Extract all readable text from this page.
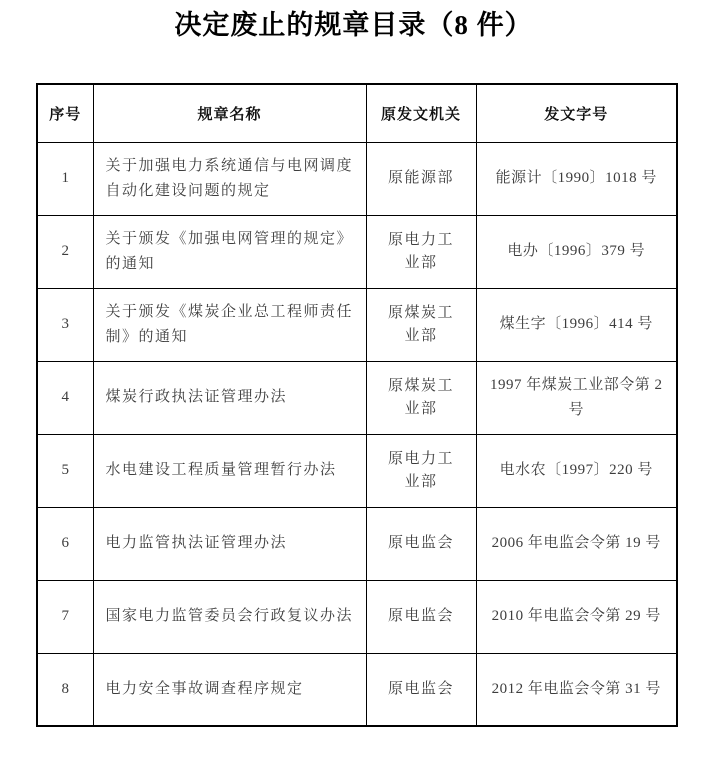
决定废止的规章目录（8 件）
序号	规章名称	原发文机关	发文字号
1	关于加强电力系统通信与电网调度自动化建设问题的规定	原能源部	能源计〔1990〕1018 号
2	关于颁发《加强电网管理的规定》的通知	原电力工业部	电办〔1996〕379 号
3	关于颁发《煤炭企业总工程师责任制》的通知	原煤炭工业部	煤生字〔1996〕414 号
4	煤炭行政执法证管理办法	原煤炭工业部	1997 年煤炭工业部令第 2 号
5	水电建设工程质量管理暂行办法	原电力工业部	电水农〔1997〕220 号
6	电力监管执法证管理办法	原电监会	2006 年电监会令第 19 号
7	国家电力监管委员会行政复议办法	原电监会	2010 年电监会令第 29 号
8	电力安全事故调查程序规定	原电监会	2012 年电监会令第 31 号
